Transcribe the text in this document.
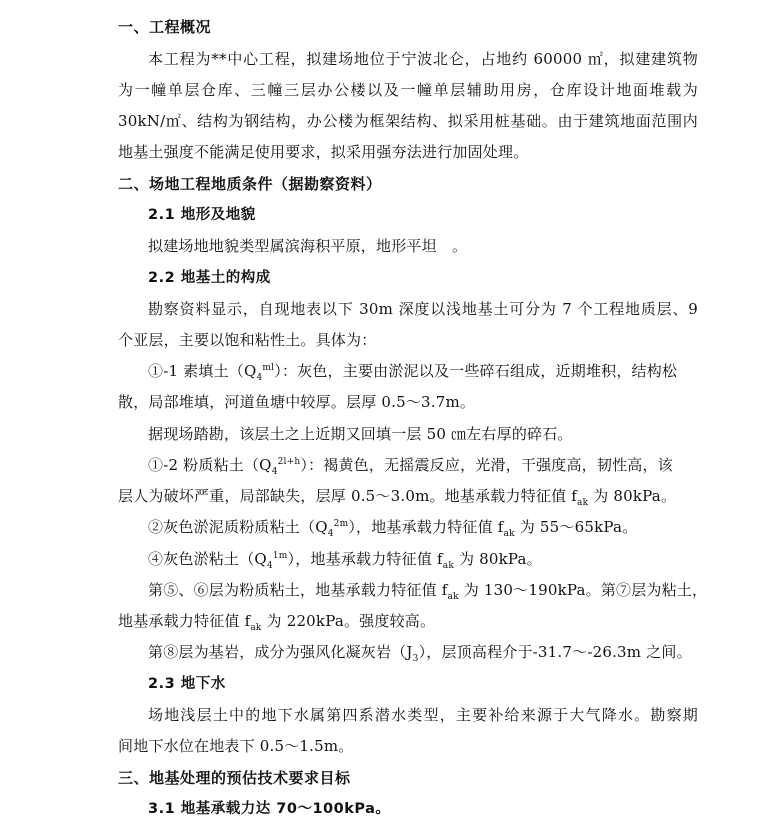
一、工程概况
本工程为**中心工程，拟建场地位于宁波北仑，占地约 60000 ㎡，拟建建筑物
为一幢单层仓库、三幢三层办公楼以及一幢单层辅助用房，仓库设计地面堆载为
30kN/㎡、结构为钢结构，办公楼为框架结构、拟采用桩基础。由于建筑地面范围内
地基土强度不能满足使用要求，拟采用强夯法进行加固处理。
二、场地工程地质条件（据勘察资料）
2.1 地形及地貌
拟建场地地貌类型属滨海积平原，地形平坦　。
2.2 地基土的构成
勘察资料显示，自现地表以下 30m 深度以浅地基土可分为 7 个工程地质层、9
个亚层，主要以饱和粘性土。具体为：
①-1 素填土$(Q_4^{ml})$：灰色，主要由淤泥以及一些碎石组成，近期堆积，结构松
散，局部堆填，河道鱼塘中较厚。层厚 0.5～3.7m。
据现场踏勘，该层土之上近期又回填一层 50 ㎝左右厚的碎石。
①-2 粉质粘土$(Q_4^{2l+h})$：褐黄色，无摇震反应，光滑，干强度高，韧性高，该
层人为破坏严重，局部缺失，层厚 0.5～3.0m。地基承载力特征值 $f_{ak}$ 为 80kPa。
②灰色淤泥质粉质粘土$(Q_4^{2m})$，地基承载力特征值 $f_{ak}$ 为 55～65kPa。
④灰色淤粘土$(Q_4^{1m})$，地基承载力特征值 $f_{ak}$ 为 80kPa。
第⑤、⑥层为粉质粘土，地基承载力特征值 $f_{ak}$ 为 130～190kPa。第⑦层为粘土，
地基承载力特征值 $f_{ak}$ 为 220kPa。强度较高。
第⑧层为基岩，成分为强风化凝灰岩$(J_3)$，层顶高程介于-31.7～-26.3m 之间。
2.3 地下水
场地浅层土中的地下水属第四系潜水类型，主要补给来源于大气降水。勘察期
间地下水位在地表下 0.5～1.5m。
三、地基处理的预估技术要求目标
3.1 地基承载力达 70～100kPa。
